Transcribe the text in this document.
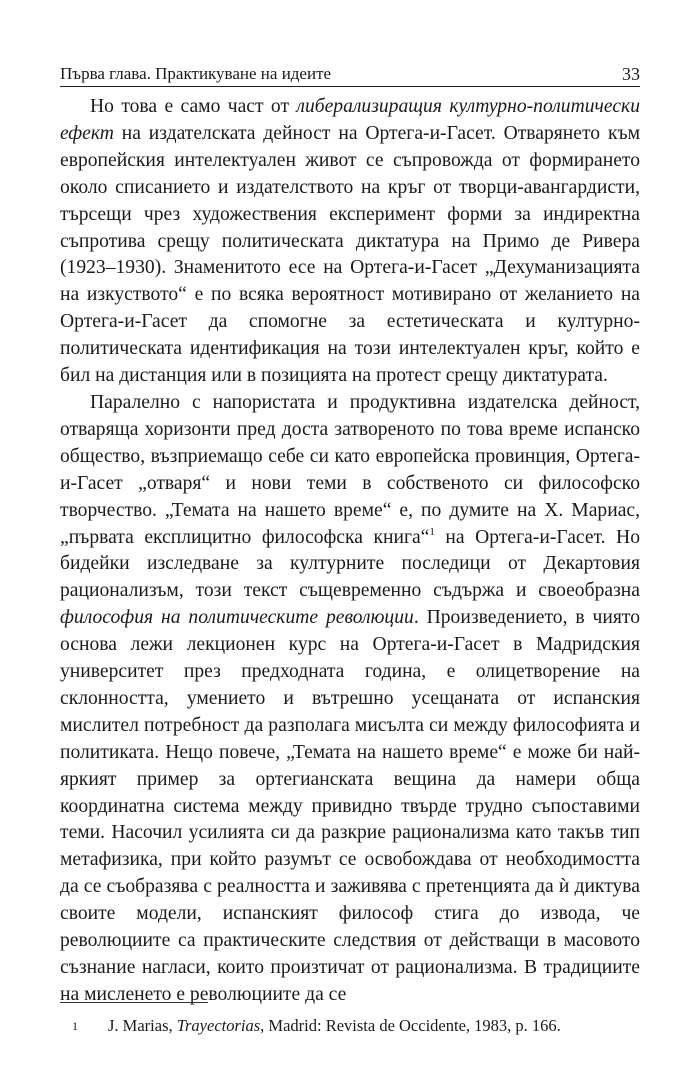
Първа глава. Практикуване на идеите	33

Но това е само част от либерализиращия културно-политически ефект на издателската дейност на Ортега-и-Гасет. Отварянето към европейския интелектуален живот се съпровожда от формирането около списанието и издателството на кръг от творци-авангардисти, търсещи чрез художествения експеримент форми за индиректна съпротива срещу политическата диктатура на Примо де Ривера (1923–1930). Знаменитото есе на Ортега-и-Гасет „Дехуманизацията на изкуството“ е по всяка вероятност мотивирано от желанието на Ортега-и-Гасет да спомогне за естетическата и културно-политическата идентификация на този интелектуален кръг, който е бил на дистанция или в позицията на протест срещу диктатурата.

Паралелно с напористата и продуктивна издателска дейност, отваряща хоризонти пред доста затвореното по това време испанско общество, възприемащо себе си като европейска провинция, Ортега-и-Гасет „отваря“ и нови теми в собственото си философско творчество. „Темата на нашето време“ е, по думите на Х. Мариас, „първата експлицитно философска книга“$^1$ на Ортега-и-Гасет. Но бидейки изследване за културните последици от Декартовия рационализъм, този текст същевременно съдържа и своеобразна философия на политическите революции. Произведението, в чиято основа лежи лекционен курс на Ортега-и-Гасет в Мадридския университет през предходната година, е олицетворение на склонността, умението и вътрешно усещаната от испанския мислител потребност да разполага мисълта си между философията и политиката. Нещо повече, „Темата на нашето време“ е може би най-яркият пример за ортегианската вещина да намери обща координатна система между привидно твърде трудно съпоставими теми. Насочил усилията си да разкрие рационализма като такъв тип метафизика, при който разумът се освобождава от необходимостта да се съобразява с реалността и заживява с претенцията да ѝ диктува своите модели, испанският философ стига до извода, че революциите са практическите следствия от действащи в масовото съзнание нагласи, които произтичат от рационализма. В традициите на мисленето е революциите да се

1 J. Marias, Trayectorias, Madrid: Revista de Occidente, 1983, p. 166.
